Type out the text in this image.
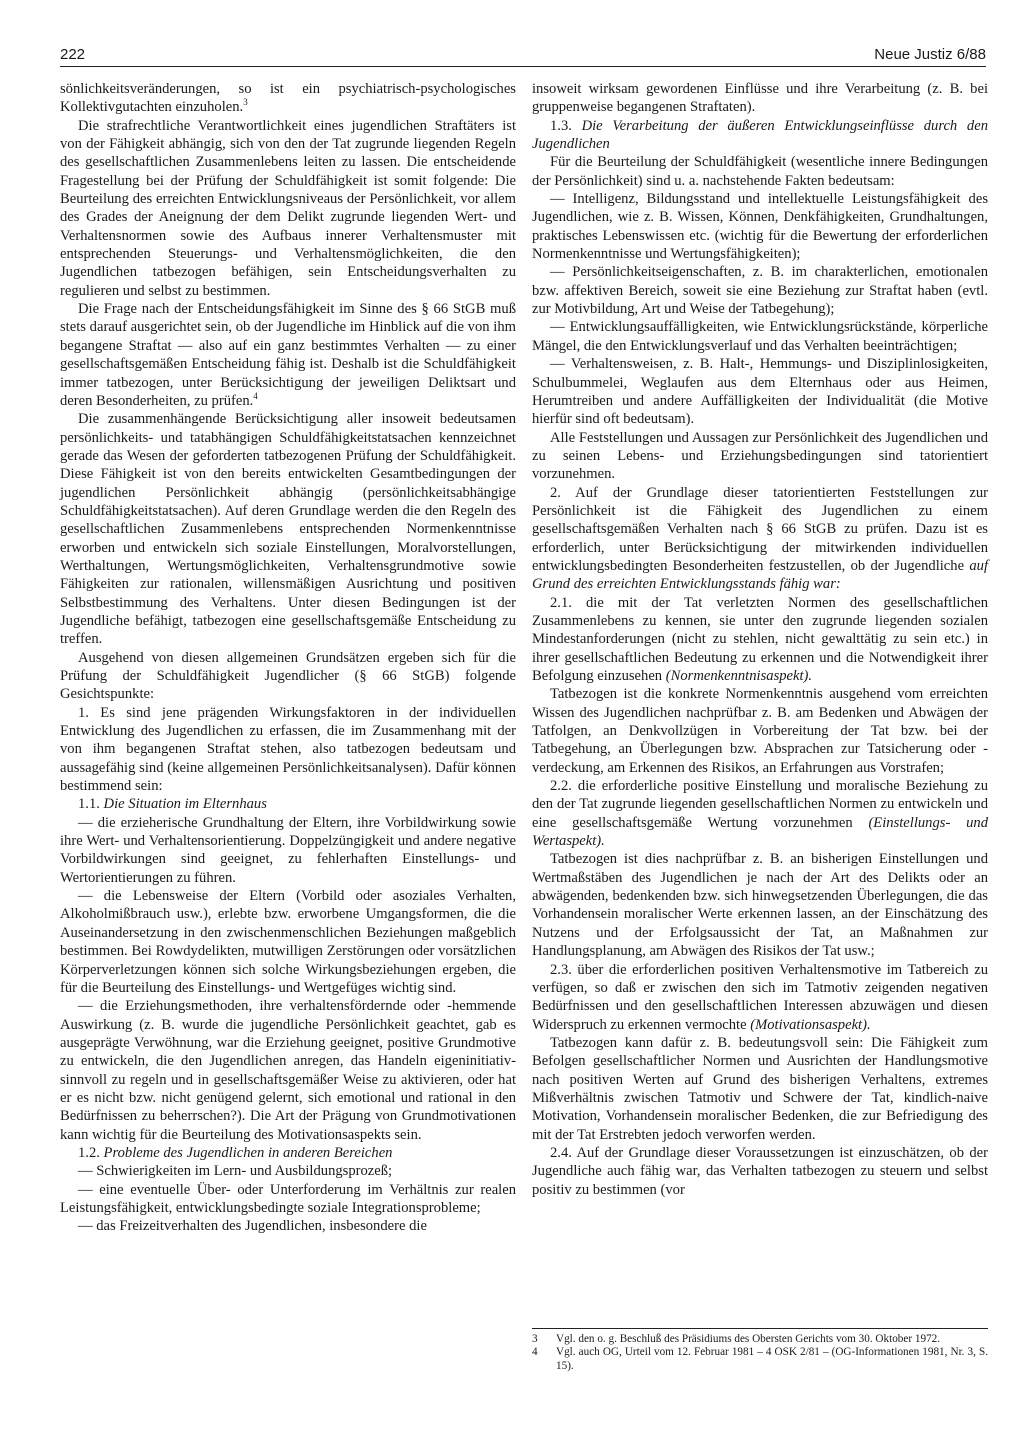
222	Neue Justiz 6/88

sönlichkeitsveränderungen, so ist ein psychiatrisch-psychologisches Kollektivgutachten einzuholen.$^3$

Die strafrechtliche Verantwortlichkeit eines jugendlichen Straftäters ist von der Fähigkeit abhängig, sich von den der Tat zugrunde liegenden Regeln des gesellschaftlichen Zusammenlebens leiten zu lassen. Die entscheidende Fragestellung bei der Prüfung der Schuldfähigkeit ist somit folgende: Die Beurteilung des erreichten Entwicklungsniveaus der Persönlichkeit, vor allem des Grades der Aneignung der dem Delikt zugrunde liegenden Wert- und Verhaltensnormen sowie des Aufbaus innerer Verhaltensmuster mit entsprechenden Steuerungs- und Verhaltensmöglichkeiten, die den Jugendlichen tatbezogen befähigen, sein Entscheidungsverhalten zu regulieren und selbst zu bestimmen.

Die Frage nach der Entscheidungsfähigkeit im Sinne des § 66 StGB muß stets darauf ausgerichtet sein, ob der Jugendliche im Hinblick auf die von ihm begangene Straftat — also auf ein ganz bestimmtes Verhalten — zu einer gesellschaftsgemäßen Entscheidung fähig ist. Deshalb ist die Schuldfähigkeit immer tatbezogen, unter Berücksichtigung der jeweiligen Deliktsart und deren Besonderheiten, zu prüfen.$^4$

Die zusammenhängende Berücksichtigung aller insoweit bedeutsamen persönlichkeits- und tatabhängigen Schuldfähigkeitstatsachen kennzeichnet gerade das Wesen der geforderten tatbezogenen Prüfung der Schuldfähigkeit. Diese Fähigkeit ist von den bereits entwickelten Gesamtbedingungen der jugendlichen Persönlichkeit abhängig (persönlichkeitsabhängige Schuldfähigkeitstatsachen). Auf deren Grundlage werden die den Regeln des gesellschaftlichen Zusammenlebens entsprechenden Normenkenntnisse erworben und entwickeln sich soziale Einstellungen, Moralvorstellungen, Werthaltungen, Wertungsmöglichkeiten, Verhaltensgrundmotive sowie Fähigkeiten zur rationalen, willensmäßigen Ausrichtung und positiven Selbstbestimmung des Verhaltens. Unter diesen Bedingungen ist der Jugendliche befähigt, tatbezogen eine gesellschaftsgemäße Entscheidung zu treffen.

Ausgehend von diesen allgemeinen Grundsätzen ergeben sich für die Prüfung der Schuldfähigkeit Jugendlicher (§ 66 StGB) folgende Gesichtspunkte:

1. Es sind jene prägenden Wirkungsfaktoren in der individuellen Entwicklung des Jugendlichen zu erfassen, die im Zusammenhang mit der von ihm begangenen Straftat stehen, also tatbezogen bedeutsam und aussagefähig sind (keine allgemeinen Persönlichkeitsanalysen). Dafür können bestimmend sein:

1.1. Die Situation im Elternhaus

— die erzieherische Grundhaltung der Eltern, ihre Vorbildwirkung sowie ihre Wert- und Verhaltensorientierung. Doppelzüngigkeit und andere negative Vorbildwirkungen sind geeignet, zu fehlerhaften Einstellungs- und Wertorientierungen zu führen.

— die Lebensweise der Eltern (Vorbild oder asoziales Verhalten, Alkoholmißbrauch usw.), erlebte bzw. erworbene Umgangsformen, die die Auseinandersetzung in den zwischenmenschlichen Beziehungen maßgeblich bestimmen. Bei Rowdydelikten, mutwilligen Zerstörungen oder vorsätzlichen Körperverletzungen können sich solche Wirkungsbeziehungen ergeben, die für die Beurteilung des Einstellungs- und Wertgefüges wichtig sind.

— die Erziehungsmethoden, ihre verhaltensfördernde oder -hemmende Auswirkung (z. B. wurde die jugendliche Persönlichkeit geachtet, gab es ausgeprägte Verwöhnung, war die Erziehung geeignet, positive Grundmotive zu entwickeln, die den Jugendlichen anregen, das Handeln eigeninitiativ-sinnvoll zu regeln und in gesellschaftsgemäßer Weise zu aktivieren, oder hat er es nicht bzw. nicht genügend gelernt, sich emotional und rational in den Bedürfnissen zu beherrschen?). Die Art der Prägung von Grundmotivationen kann wichtig für die Beurteilung des Motivationsaspekts sein.

1.2. Probleme des Jugendlichen in anderen Bereichen

— Schwierigkeiten im Lern- und Ausbildungsprozeß;

— eine eventuelle Über- oder Unterforderung im Verhältnis zur realen Leistungsfähigkeit, entwicklungsbedingte soziale Integrationsprobleme;

— das Freizeitverhalten des Jugendlichen, insbesondere die

insoweit wirksam gewordenen Einflüsse und ihre Verarbeitung (z. B. bei gruppenweise begangenen Straftaten).

1.3. Die Verarbeitung der äußeren Entwicklungseinflüsse durch den Jugendlichen

Für die Beurteilung der Schuldfähigkeit (wesentliche innere Bedingungen der Persönlichkeit) sind u. a. nachstehende Fakten bedeutsam:

— Intelligenz, Bildungsstand und intellektuelle Leistungsfähigkeit des Jugendlichen, wie z. B. Wissen, Können, Denkfähigkeiten, Grundhaltungen, praktisches Lebenswissen etc. (wichtig für die Bewertung der erforderlichen Normenkenntnisse und Wertungsfähigkeiten);

— Persönlichkeitseigenschaften, z. B. im charakterlichen, emotionalen bzw. affektiven Bereich, soweit sie eine Beziehung zur Straftat haben (evtl. zur Motivbildung, Art und Weise der Tatbegehung);

— Entwicklungsauffälligkeiten, wie Entwicklungsrückstände, körperliche Mängel, die den Entwicklungsverlauf und das Verhalten beeinträchtigen;

— Verhaltensweisen, z. B. Halt-, Hemmungs- und Disziplinlosigkeiten, Schulbummelei, Weglaufen aus dem Elternhaus oder aus Heimen, Herumtreiben und andere Auffälligkeiten der Individualität (die Motive hierfür sind oft bedeutsam).

Alle Feststellungen und Aussagen zur Persönlichkeit des Jugendlichen und zu seinen Lebens- und Erziehungsbedingungen sind tatorientiert vorzunehmen.

2. Auf der Grundlage dieser tatorientierten Feststellungen zur Persönlichkeit ist die Fähigkeit des Jugendlichen zu einem gesellschaftsgemäßen Verhalten nach § 66 StGB zu prüfen. Dazu ist es erforderlich, unter Berücksichtigung der mitwirkenden individuellen entwicklungsbedingten Besonderheiten festzustellen, ob der Jugendliche auf Grund des erreichten Entwicklungsstands fähig war:

2.1. die mit der Tat verletzten Normen des gesellschaftlichen Zusammenlebens zu kennen, sie unter den zugrunde liegenden sozialen Mindestanforderungen (nicht zu stehlen, nicht gewalttätig zu sein etc.) in ihrer gesellschaftlichen Bedeutung zu erkennen und die Notwendigkeit ihrer Befolgung einzusehen (Normenkenntnisaspekt).

Tatbezogen ist die konkrete Normenkenntnis ausgehend vom erreichten Wissen des Jugendlichen nachprüfbar z. B. am Bedenken und Abwägen der Tatfolgen, an Denkvollzügen in Vorbereitung der Tat bzw. bei der Tatbegehung, an Überlegungen bzw. Absprachen zur Tatsicherung oder -verdeckung, am Erkennen des Risikos, an Erfahrungen aus Vorstrafen;

2.2. die erforderliche positive Einstellung und moralische Beziehung zu den der Tat zugrunde liegenden gesellschaftlichen Normen zu entwickeln und eine gesellschaftsgemäße Wertung vorzunehmen (Einstellungs- und Wertaspekt).

Tatbezogen ist dies nachprüfbar z. B. an bisherigen Einstellungen und Wertmaßstäben des Jugendlichen je nach der Art des Delikts oder an abwägenden, bedenkenden bzw. sich hinwegsetzenden Überlegungen, die das Vorhandensein moralischer Werte erkennen lassen, an der Einschätzung des Nutzens und der Erfolgsaussicht der Tat, an Maßnahmen zur Handlungsplanung, am Abwägen des Risikos der Tat usw.;

2.3. über die erforderlichen positiven Verhaltensmotive im Tatbereich zu verfügen, so daß er zwischen den sich im Tatmotiv zeigenden negativen Bedürfnissen und den gesellschaftlichen Interessen abzuwägen und diesen Widerspruch zu erkennen vermochte (Motivationsaspekt).

Tatbezogen kann dafür z. B. bedeutungsvoll sein: Die Fähigkeit zum Befolgen gesellschaftlicher Normen und Ausrichten der Handlungsmotive nach positiven Werten auf Grund des bisherigen Verhaltens, extremes Mißverhältnis zwischen Tatmotiv und Schwere der Tat, kindlich-naive Motivation, Vorhandensein moralischer Bedenken, die zur Befriedigung des mit der Tat Erstrebten jedoch verworfen werden.

2.4. Auf der Grundlage dieser Voraussetzungen ist einzuschätzen, ob der Jugendliche auch fähig war, das Verhalten tatbezogen zu steuern und selbst positiv zu bestimmen (vor

3 Vgl. den o. g. Beschluß des Präsidiums des Obersten Gerichts vom 30. Oktober 1972.

4 Vgl. auch OG, Urteil vom 12. Februar 1981 – 4 OSK 2/81 – (OG-Informationen 1981, Nr. 3, S. 15).
